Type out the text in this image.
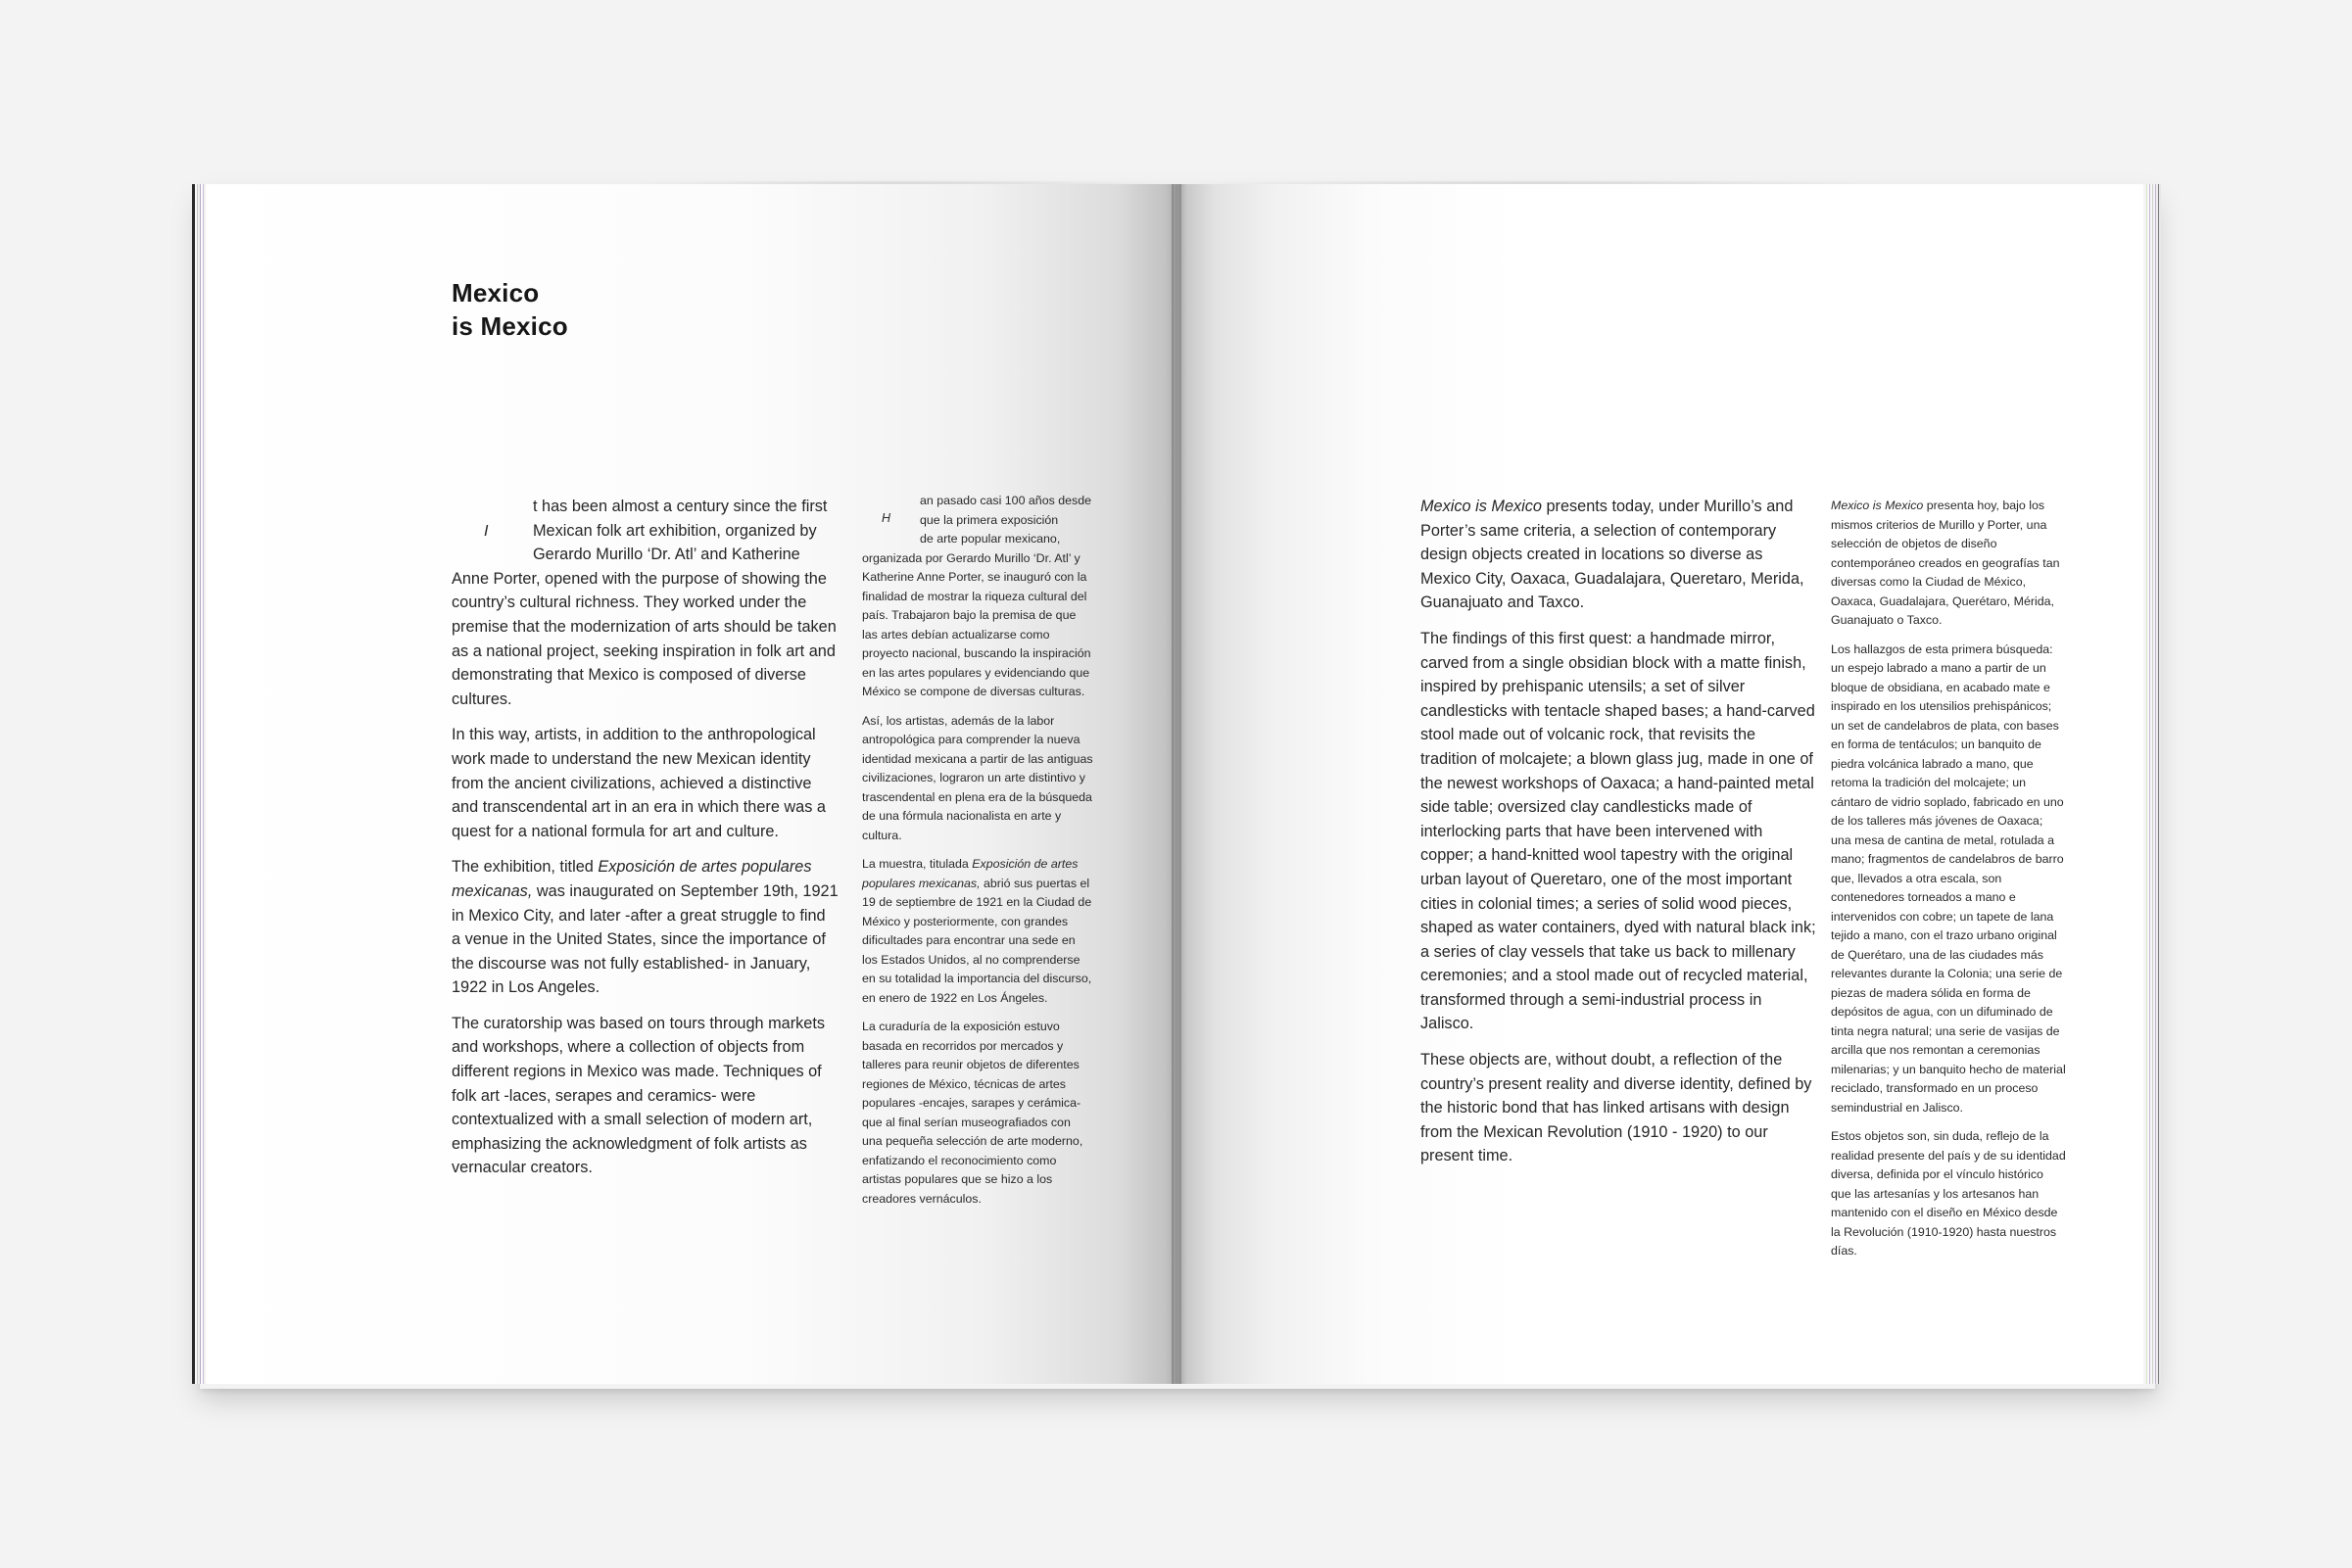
Mexico
is Mexico

I
t has been almost a century since the first
Mexican folk art exhibition, organized by
Gerardo Murillo ‘Dr. Atl’ and Katherine
Anne Porter, opened with the purpose of showing the country’s cultural richness. They worked under the premise that the modernization of arts should be taken as a national project, seeking inspiration in folk art and demonstrating that Mexico is composed of diverse cultures.

In this way, artists, in addition to the anthropological work made to understand the new Mexican identity from the ancient civilizations, achieved a distinctive and transcendental art in an era in which there was a quest for a national formula for art and culture.

The exhibition, titled Exposición de artes populares mexicanas, was inaugurated on September 19th, 1921 in Mexico City, and later -after a great struggle to find a venue in the United States, since the importance of the discourse was not fully established- in January, 1922 in Los Angeles.

The curatorship was based on tours through markets and workshops, where a collection of objects from different regions in Mexico was made. Techniques of folk art -laces, serapes and ceramics- were contextualized with a small selection of modern art, emphasizing the acknowledgment of folk artists as vernacular creators.

H
an pasado casi 100 años desde
que la primera exposición
de arte popular mexicano,
organizada por Gerardo Murillo ‘Dr. Atl’ y Katherine Anne Porter, se inauguró con la finalidad de mostrar la riqueza cultural del país. Trabajaron bajo la premisa de que las artes debían actualizarse como proyecto nacional, buscando la inspiración en las artes populares y evidenciando que México se compone de diversas culturas.

Así, los artistas, además de la labor antropológica para comprender la nueva identidad mexicana a partir de las antiguas civilizaciones, lograron un arte distintivo y trascendental en plena era de la búsqueda de una fórmula nacionalista en arte y cultura.

La muestra, titulada Exposición de artes populares mexicanas, abrió sus puertas el 19 de septiembre de 1921 en la Ciudad de México y posteriormente, con grandes dificultades para encontrar una sede en los Estados Unidos, al no comprenderse en su totalidad la importancia del discurso, en enero de 1922 en Los Ángeles.

La curaduría de la exposición estuvo basada en recorridos por mercados y talleres para reunir objetos de diferentes regiones de México, técnicas de artes populares -encajes, sarapes y cerámica- que al final serían museografiados con una pequeña selección de arte moderno, enfatizando el reconocimiento como artistas populares que se hizo a los creadores vernáculos.

Mexico is Mexico presents today, under Murillo’s and Porter’s same criteria, a selection of contemporary design objects created in locations so diverse as Mexico City, Oaxaca, Guadalajara, Queretaro, Merida, Guanajuato and Taxco.

The findings of this first quest: a handmade mirror, carved from a single obsidian block with a matte finish, inspired by prehispanic utensils; a set of silver candlesticks with tentacle shaped bases; a hand-carved stool made out of volcanic rock, that revisits the tradition of molcajete; a blown glass jug, made in one of the newest workshops of Oaxaca; a hand-painted metal side table; oversized clay candlesticks made of interlocking parts that have been intervened with copper; a hand-knitted wool tapestry with the original urban layout of Queretaro, one of the most important cities in colonial times; a series of solid wood pieces, shaped as water containers, dyed with natural black ink; a series of clay vessels that take us back to millenary ceremonies; and a stool made out of recycled material, transformed through a semi-industrial process in Jalisco.

These objects are, without doubt, a reflection of the country’s present reality and diverse identity, defined by the historic bond that has linked artisans with design from the Mexican Revolution (1910 - 1920) to our present time.

Mexico is Mexico presenta hoy, bajo los mismos criterios de Murillo y Porter, una selección de objetos de diseño contemporáneo creados en geografías tan diversas como la Ciudad de México, Oaxaca, Guadalajara, Querétaro, Mérida, Guanajuato o Taxco.

Los hallazgos de esta primera búsqueda: un espejo labrado a mano a partir de un bloque de obsidiana, en acabado mate e inspirado en los utensilios prehispánicos; un set de candelabros de plata, con bases en forma de tentáculos; un banquito de piedra volcánica labrado a mano, que retoma la tradición del molcajete; un cántaro de vidrio soplado, fabricado en uno de los talleres más jóvenes de Oaxaca; una mesa de cantina de metal, rotulada a mano; fragmentos de candelabros de barro que, llevados a otra escala, son contenedores torneados a mano e intervenidos con cobre; un tapete de lana tejido a mano, con el trazo urbano original de Querétaro, una de las ciudades más relevantes durante la Colonia; una serie de piezas de madera sólida en forma de depósitos de agua, con un difuminado de tinta negra natural; una serie de vasijas de arcilla que nos remontan a ceremonias milenarias; y un banquito hecho de material reciclado, transformado en un proceso semindustrial en Jalisco.

Estos objetos son, sin duda, reflejo de la realidad presente del país y de su identidad diversa, definida por el vínculo histórico que las artesanías y los artesanos han mantenido con el diseño en México desde la Revolución (1910-1920) hasta nuestros días.
